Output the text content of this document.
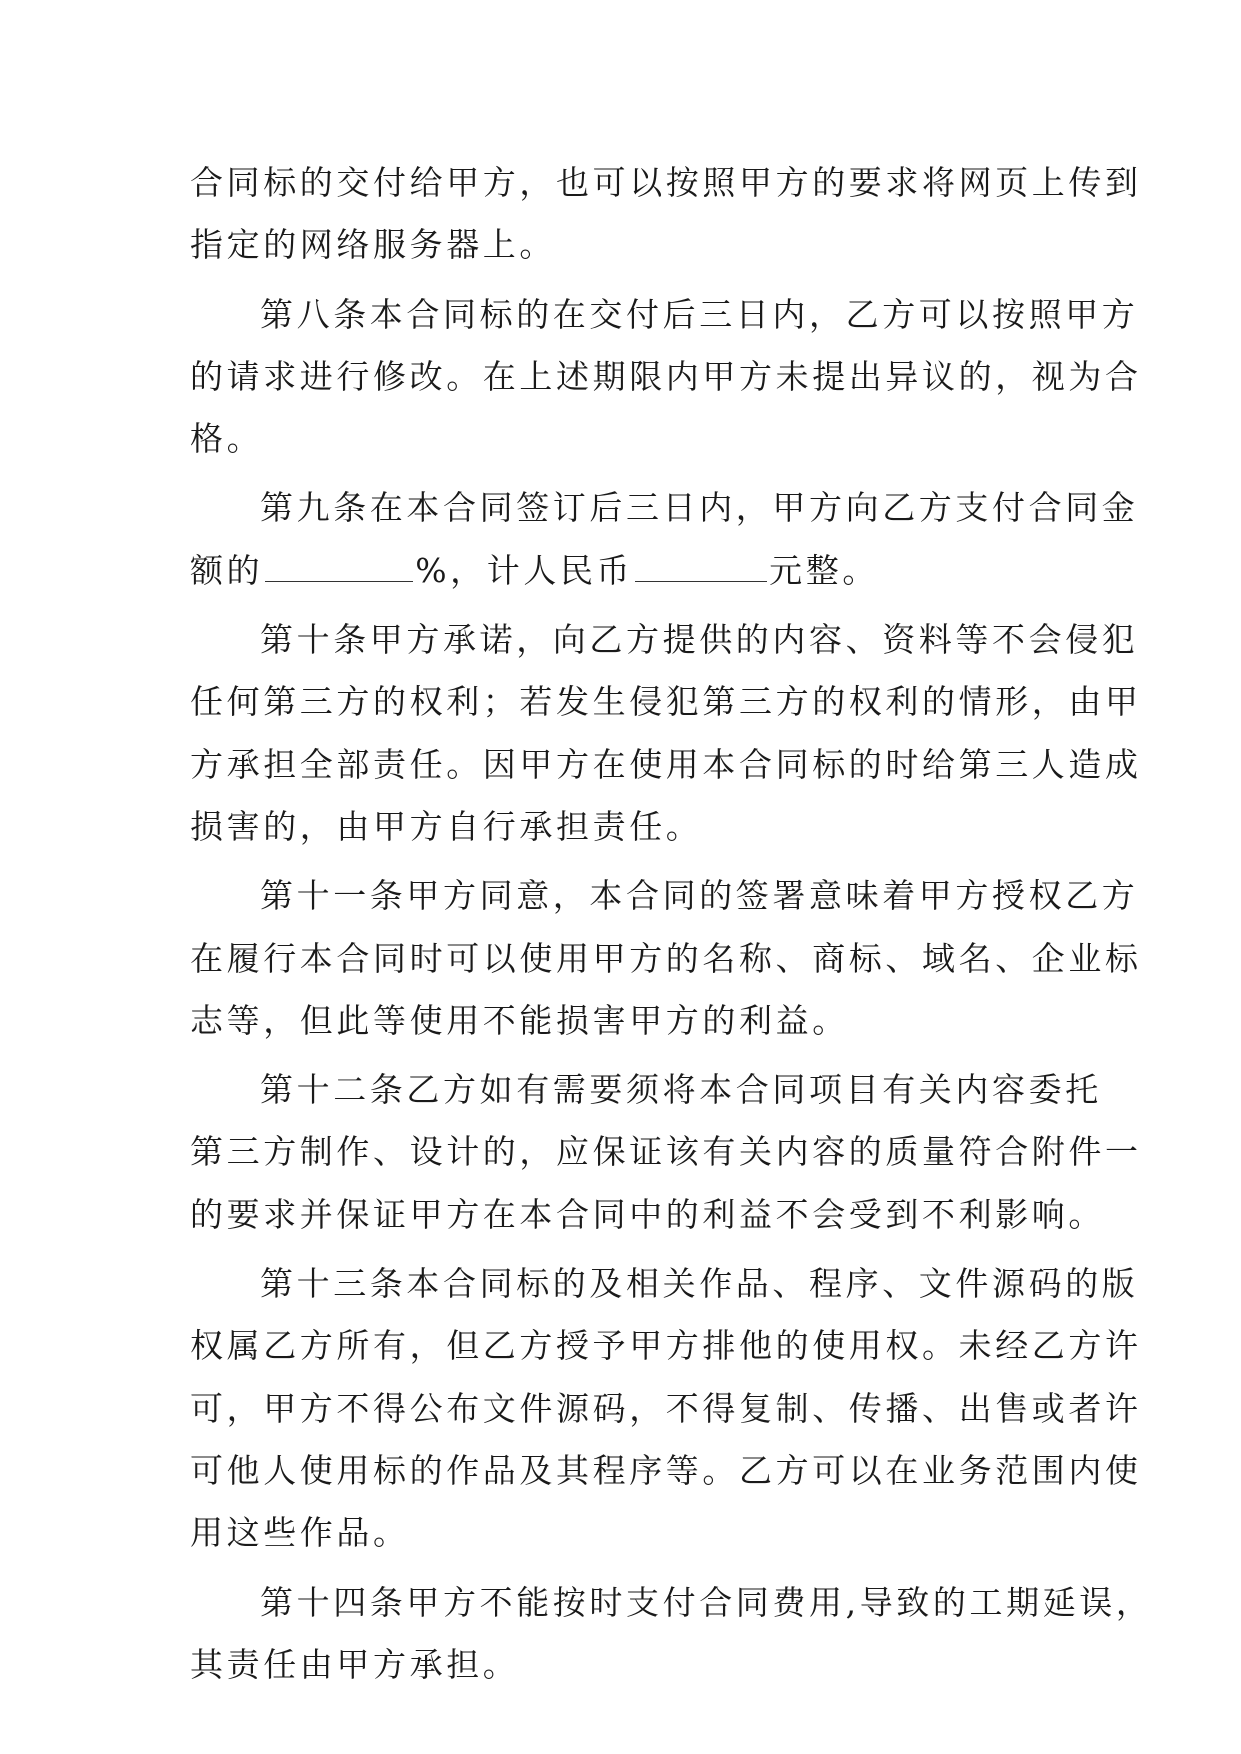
合同标的交付给甲方，也可以按照甲方的要求将网页上传到
指定的网络服务器上。
第八条本合同标的在交付后三日内，乙方可以按照甲方
的请求进行修改。在上述期限内甲方未提出异议的，视为合
格。
第九条在本合同签订后三日内，甲方向乙方支付合同金
额的	%，计人民币	元整。
第十条甲方承诺，向乙方提供的内容、资料等不会侵犯
任何第三方的权利；若发生侵犯第三方的权利的情形，由甲
方承担全部责任。因甲方在使用本合同标的时给第三人造成
损害的，由甲方自行承担责任。
第十一条甲方同意，本合同的签署意味着甲方授权乙方
在履行本合同时可以使用甲方的名称、商标、域名、企业标
志等，但此等使用不能损害甲方的利益。
第十二条乙方如有需要须将本合同项目有关内容委托
第三方制作、设计的，应保证该有关内容的质量符合附件一
的要求并保证甲方在本合同中的利益不会受到不利影响。
第十三条本合同标的及相关作品、程序、文件源码的版
权属乙方所有，但乙方授予甲方排他的使用权。未经乙方许
可，甲方不得公布文件源码，不得复制、传播、出售或者许
可他人使用标的作品及其程序等。乙方可以在业务范围内使
用这些作品。
第十四条甲方不能按时支付合同费用,导致的工期延误，
其责任由甲方承担。
